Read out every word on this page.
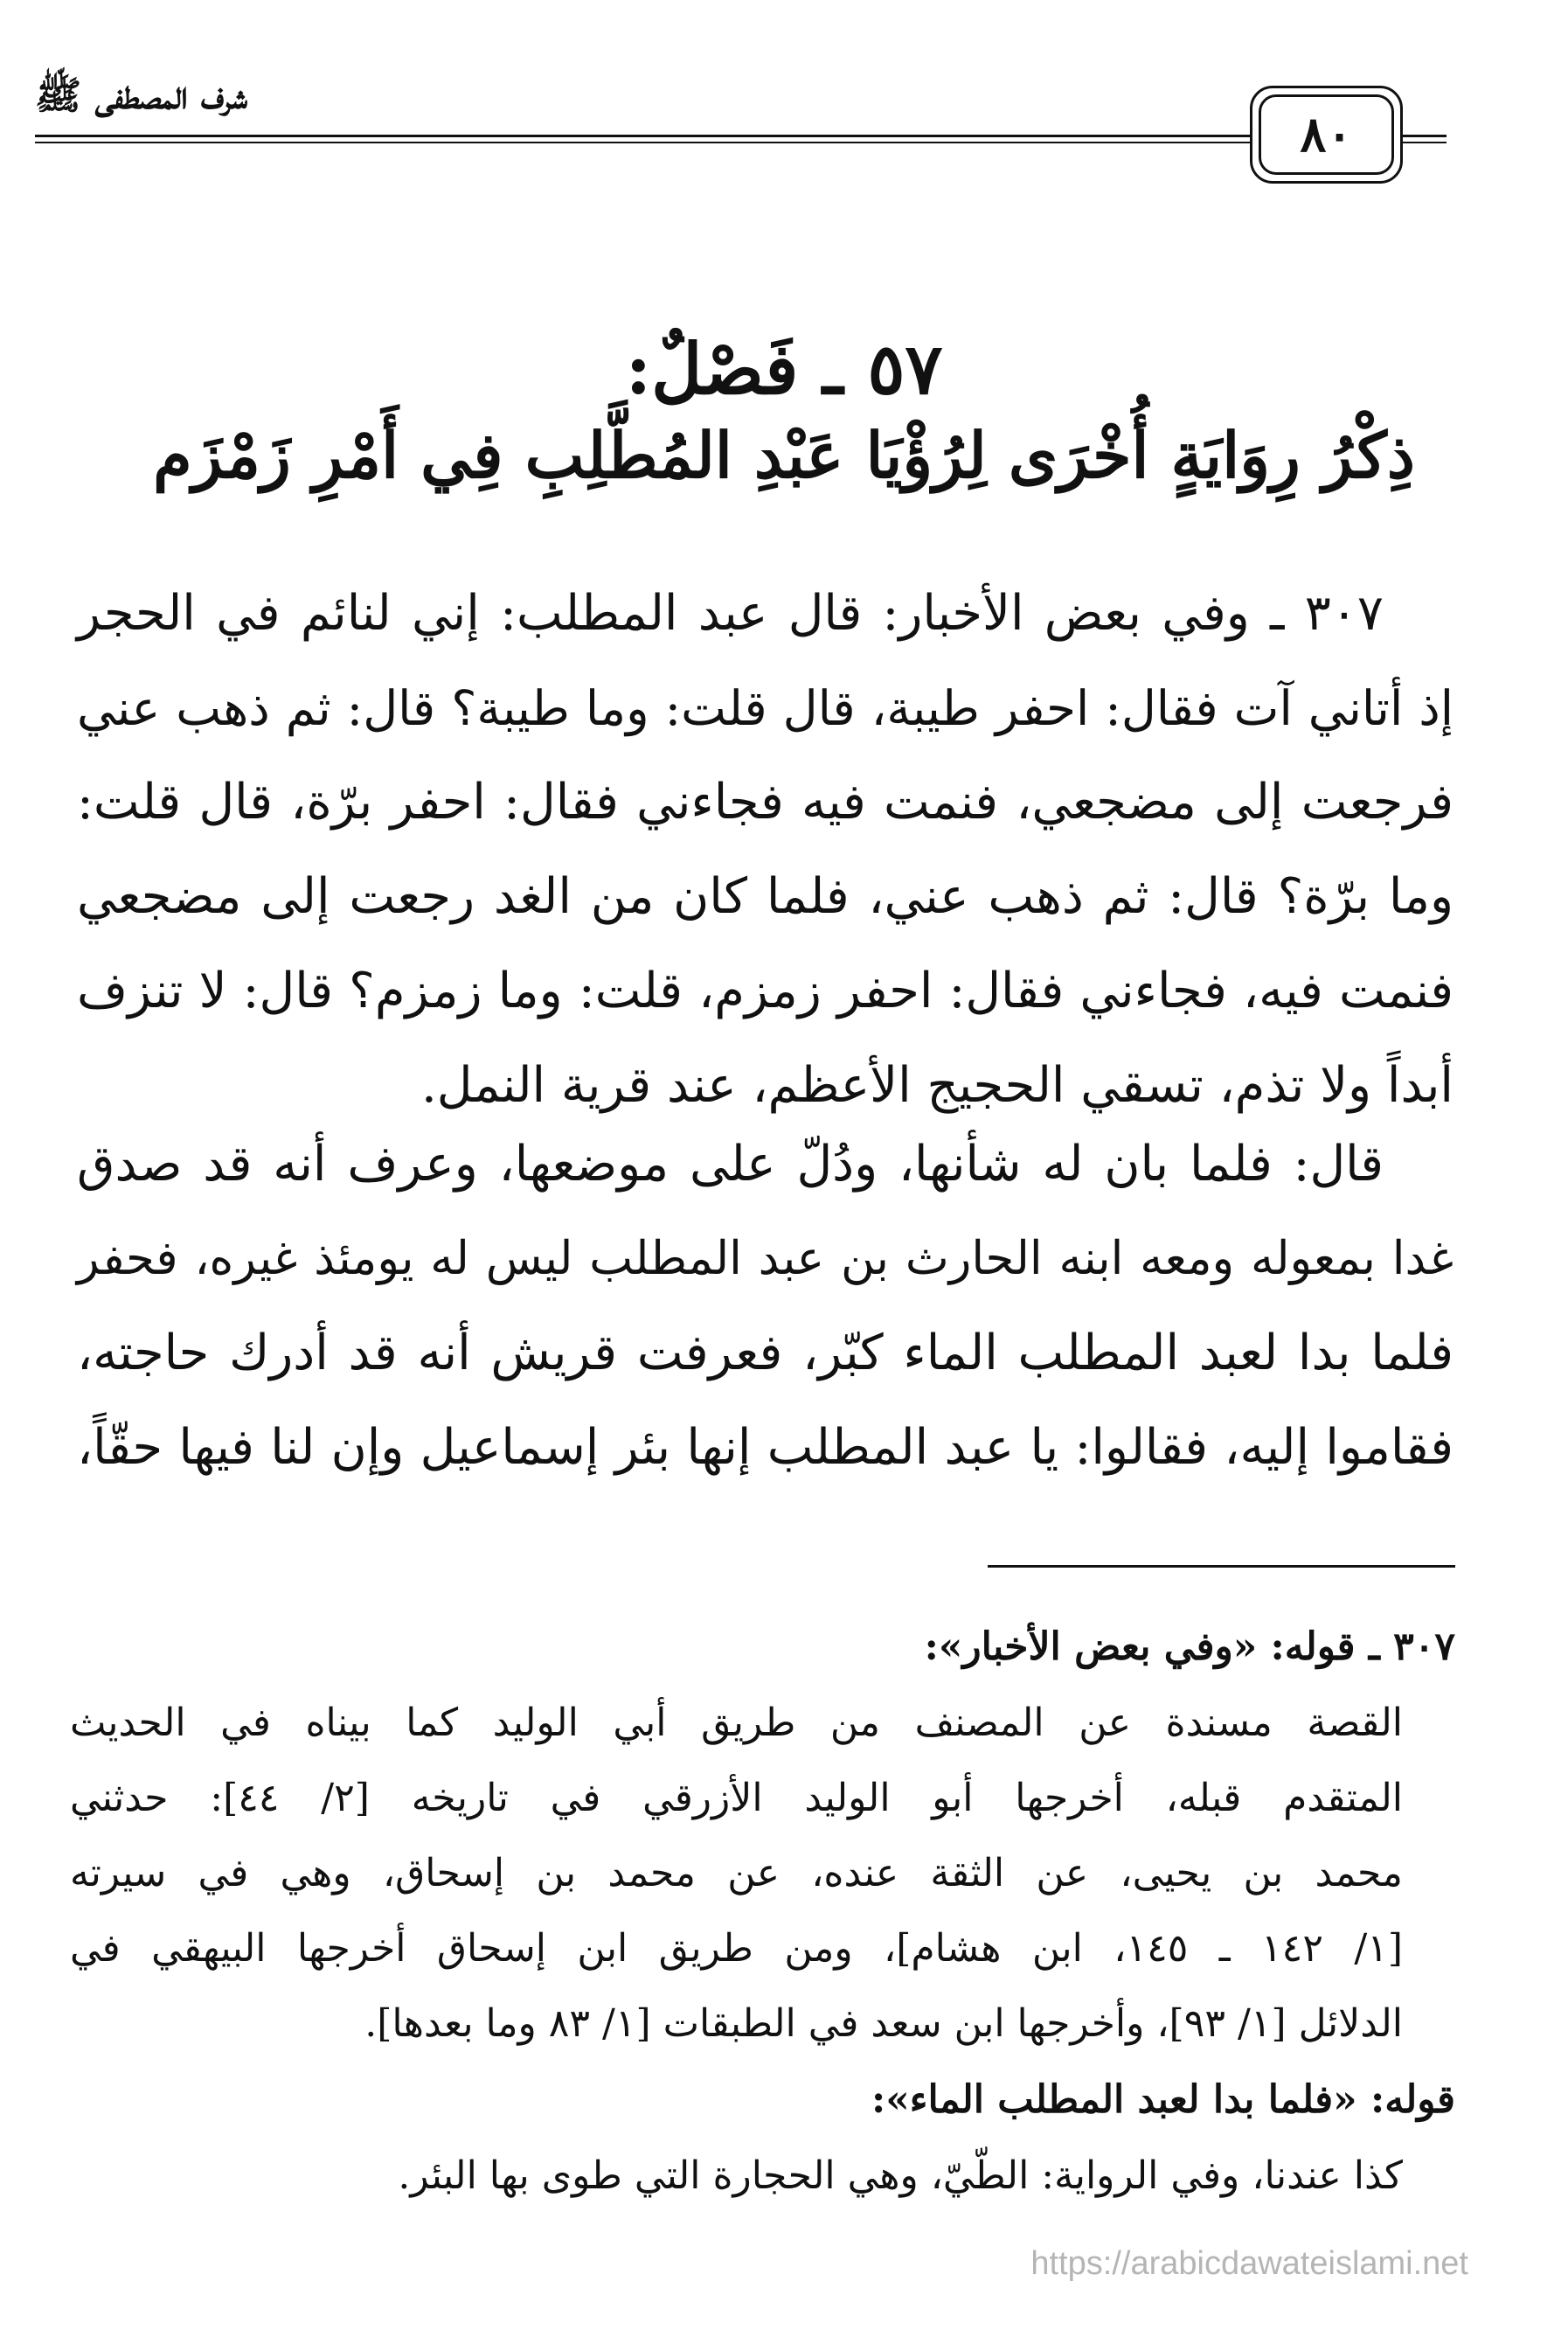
شرف المصطفى ﷺ
٨٠
٥٧ ـ فَصْلٌ:
ذِكْرُ رِوَايَةٍ أُخْرَى لِرُؤْيَا عَبْدِ المُطَّلِبِ فِي أَمْرِ زَمْزَم
٣٠٧ ـ وفي بعض الأخبار: قال عبد المطلب: إني لنائم في الحجر
إذ أتاني آت فقال: احفر طيبة، قال قلت: وما طيبة؟ قال: ثم ذهب عني
فرجعت إلى مضجعي، فنمت فيه فجاءني فقال: احفر برّة، قال قلت:
وما برّة؟ قال: ثم ذهب عني، فلما كان من الغد رجعت إلى مضجعي
فنمت فيه، فجاءني فقال: احفر زمزم، قلت: وما زمزم؟ قال: لا تنزف
أبداً ولا تذم، تسقي الحجيج الأعظم، عند قرية النمل.
قال: فلما بان له شأنها، ودُلّ على موضعها، وعرف أنه قد صدق
غدا بمعوله ومعه ابنه الحارث بن عبد المطلب ليس له يومئذ غيره، فحفر
فلما بدا لعبد المطلب الماء كبّر، فعرفت قريش أنه قد أدرك حاجته،
فقاموا إليه، فقالوا: يا عبد المطلب إنها بئر إسماعيل وإن لنا فيها حقّاً،
٣٠٧ ـ قوله: «وفي بعض الأخبار»:
القصة مسندة عن المصنف من طريق أبي الوليد كما بيناه في الحديث
المتقدم قبله، أخرجها أبو الوليد الأزرقي في تاريخه [٢/ ٤٤]: حدثني
محمد بن يحيى، عن الثقة عنده، عن محمد بن إسحاق، وهي في سيرته
[١/ ١٤٢ ـ ١٤٥، ابن هشام]، ومن طريق ابن إسحاق أخرجها البيهقي في
الدلائل [١/ ٩٣]، وأخرجها ابن سعد في الطبقات [١/ ٨٣ وما بعدها].
قوله: «فلما بدا لعبد المطلب الماء»:
كذا عندنا، وفي الرواية: الطّيّ، وهي الحجارة التي طوى بها البئر.
https://arabicdawateislami.net
